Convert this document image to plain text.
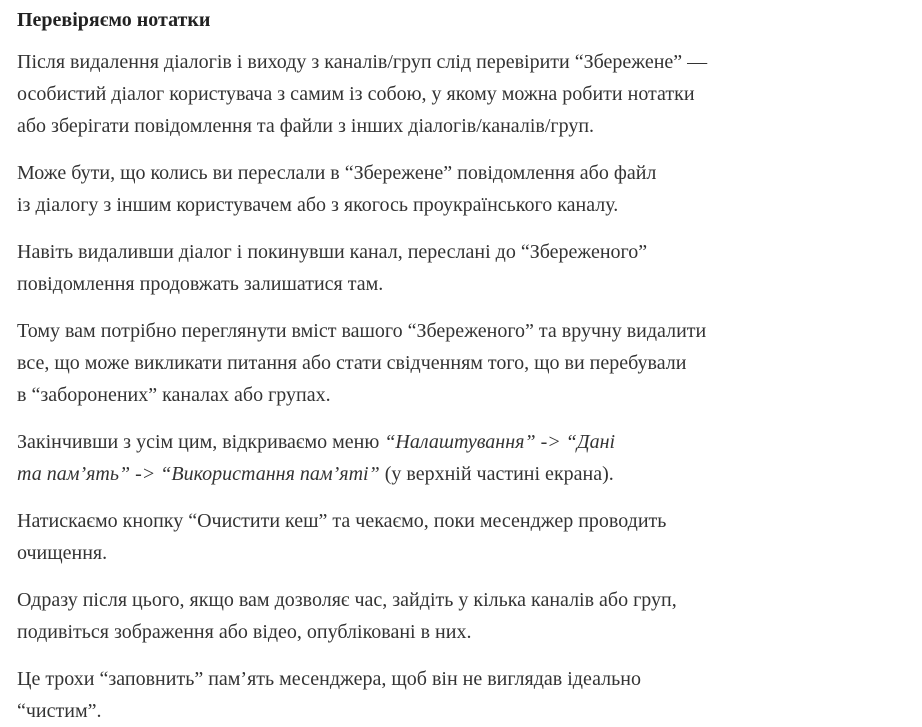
Перевіряємо нотатки

Після видалення діалогів і виходу з каналів/груп слід перевірити “Збережене” —
особистий діалог користувача з самим із собою, у якому можна робити нотатки
або зберігати повідомлення та файли з інших діалогів/каналів/груп.

Може бути, що колись ви переслали в “Збережене” повідомлення або файл
із діалогу з іншим користувачем або з якогось проукраїнського каналу.

Навіть видаливши діалог і покинувши канал, переслані до “Збереженого”
повідомлення продовжать залишатися там.

Тому вам потрібно переглянути вміст вашого “Збереженого” та вручну видалити
все, що може викликати питання або стати свідченням того, що ви перебували
в “заборонених” каналах або групах.

Закінчивши з усім цим, відкриваємо меню “Налаштування” -> “Дані
та пам’ять” -> “Використання пам’яті” (у верхній частині екрана).

Натискаємо кнопку “Очистити кеш” та чекаємо, поки месенджер проводить
очищення.

Одразу після цього, якщо вам дозволяє час, зайдіть у кілька каналів або груп,
подивіться зображення або відео, опубліковані в них.

Це трохи “заповнить” пам’ять месенджера, щоб він не виглядав ідеально
“чистим”.
